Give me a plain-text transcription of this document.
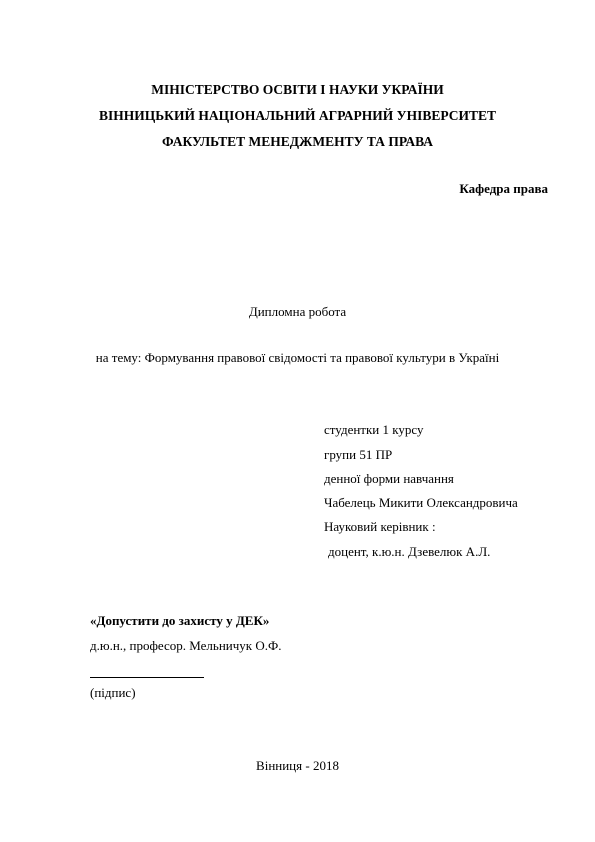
МІНІСТЕРСТВО ОСВІТИ І НАУКИ УКРАЇНИ
ВІННИЦЬКИЙ НАЦІОНАЛЬНИЙ АГРАРНИЙ УНІВЕРСИТЕТ
ФАКУЛЬТЕТ МЕНЕДЖМЕНТУ ТА ПРАВА
Кафедра права
Дипломна робота
на тему: Формування правової свідомості та правової культури в Україні
студентки 1 курсу
групи 51 ПР
денної форми навчання
Чабелець Микити Олександровича
Науковий керівник :
доцент, к.ю.н. Дзевелюк А.Л.
«Допустити до захисту у ДЕК»
д.ю.н., професор. Мельничук О.Ф.
(підпис)
Вінниця - 2018
